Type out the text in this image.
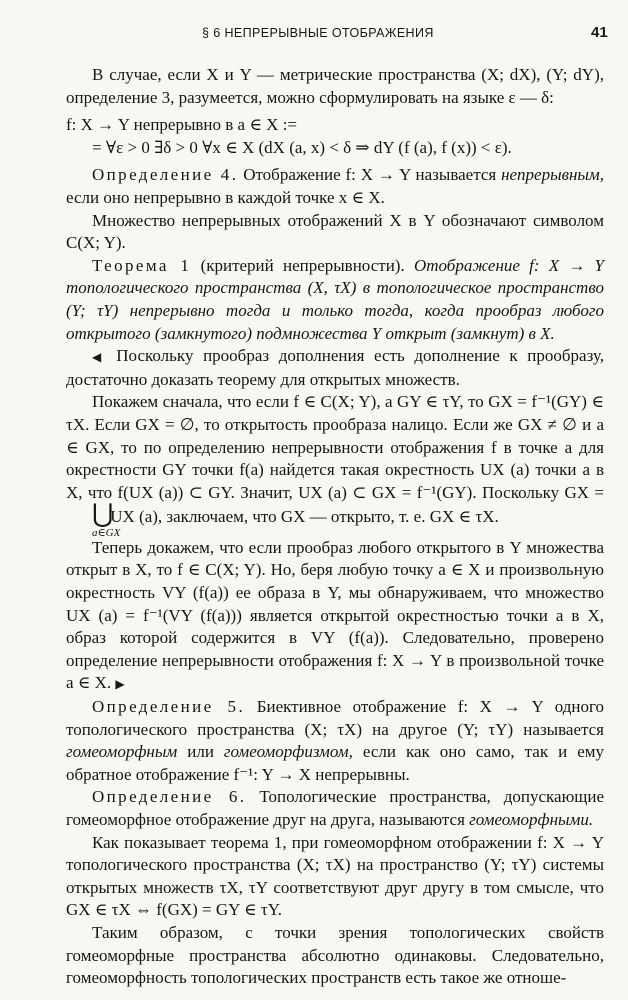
§ 6 НЕПРЕРЫВНЫЕ ОТОБРАЖЕНИЯ	41

В случае, если X и Y — метрические пространства (X; dX), (Y; dY), определение 3, разумеется, можно сформулировать на языке ε — δ:

f: X → Y непрерывно в a ∈ X :=
= ∀ε > 0 ∃δ > 0 ∀x ∈ X (dX (a, x) < δ ⇒ dY (f (a), f (x)) < ε).

Определение 4. Отображение f: X → Y называется непрерывным, если оно непрерывно в каждой точке x ∈ X.

Множество непрерывных отображений X в Y обозначают символом C(X; Y).

Теорема 1 (критерий непрерывности). Отображение f: X → Y топологического пространства (X, τX) в топологическое пространство (Y; τY) непрерывно тогда и только тогда, когда прообраз любого открытого (замкнутого) подмножества Y открыт (замкнут) в X.

◀ Поскольку прообраз дополнения есть дополнение к прообразу, достаточно доказать теорему для открытых множеств.

Покажем сначала, что если f ∈ C(X; Y), а GY ∈ τY, то GX = f⁻¹(GY) ∈ τX. Если GX = ∅, то открытость прообраза налицо. Если же GX ≠ ∅ и a ∈ GX, то по определению непрерывности отображения f в точке a для окрестности GY точки f(a) найдется такая окрестность UX (a) точки a в X, что f(UX (a)) ⊂ GY. Значит, UX (a) ⊂ GX = f⁻¹(GY). Поскольку GX = ⋃
a∈GX
UX (a), заключаем, что GX — открыто, т. е. GX ∈ τX.

Теперь докажем, что если прообраз любого открытого в Y множества открыт в X, то f ∈ C(X; Y). Но, беря любую точку a ∈ X и произвольную окрестность VY (f(a)) ее образа в Y, мы обнаруживаем, что множество UX (a) = f⁻¹(VY (f(a))) является открытой окрестностью точки a в X, образ которой содержится в VY (f(a)). Следовательно, проверено определение непрерывности отображения f: X → Y в произвольной точке a ∈ X. ▶

Определение 5. Биективное отображение f: X → Y одного топологического пространства (X; τX) на другое (Y; τY) называется гомеоморфным или гомеоморфизмом, если как оно само, так и ему обратное отображение f⁻¹: Y → X непрерывны.

Определение 6. Топологические пространства, допускающие гомеоморфное отображение друг на друга, называются гомеоморфными.

Как показывает теорема 1, при гомеоморфном отображении f: X → Y топологического пространства (X; τX) на пространство (Y; τY) системы открытых множеств τX, τY соответствуют друг другу в том смысле, что GX ∈ τX ⇔ f(GX) = GY ∈ τY.

Таким образом, с точки зрения топологических свойств гомеоморфные пространства абсолютно одинаковы. Следовательно, гомеоморфность топологических пространств есть такое же отноше-
